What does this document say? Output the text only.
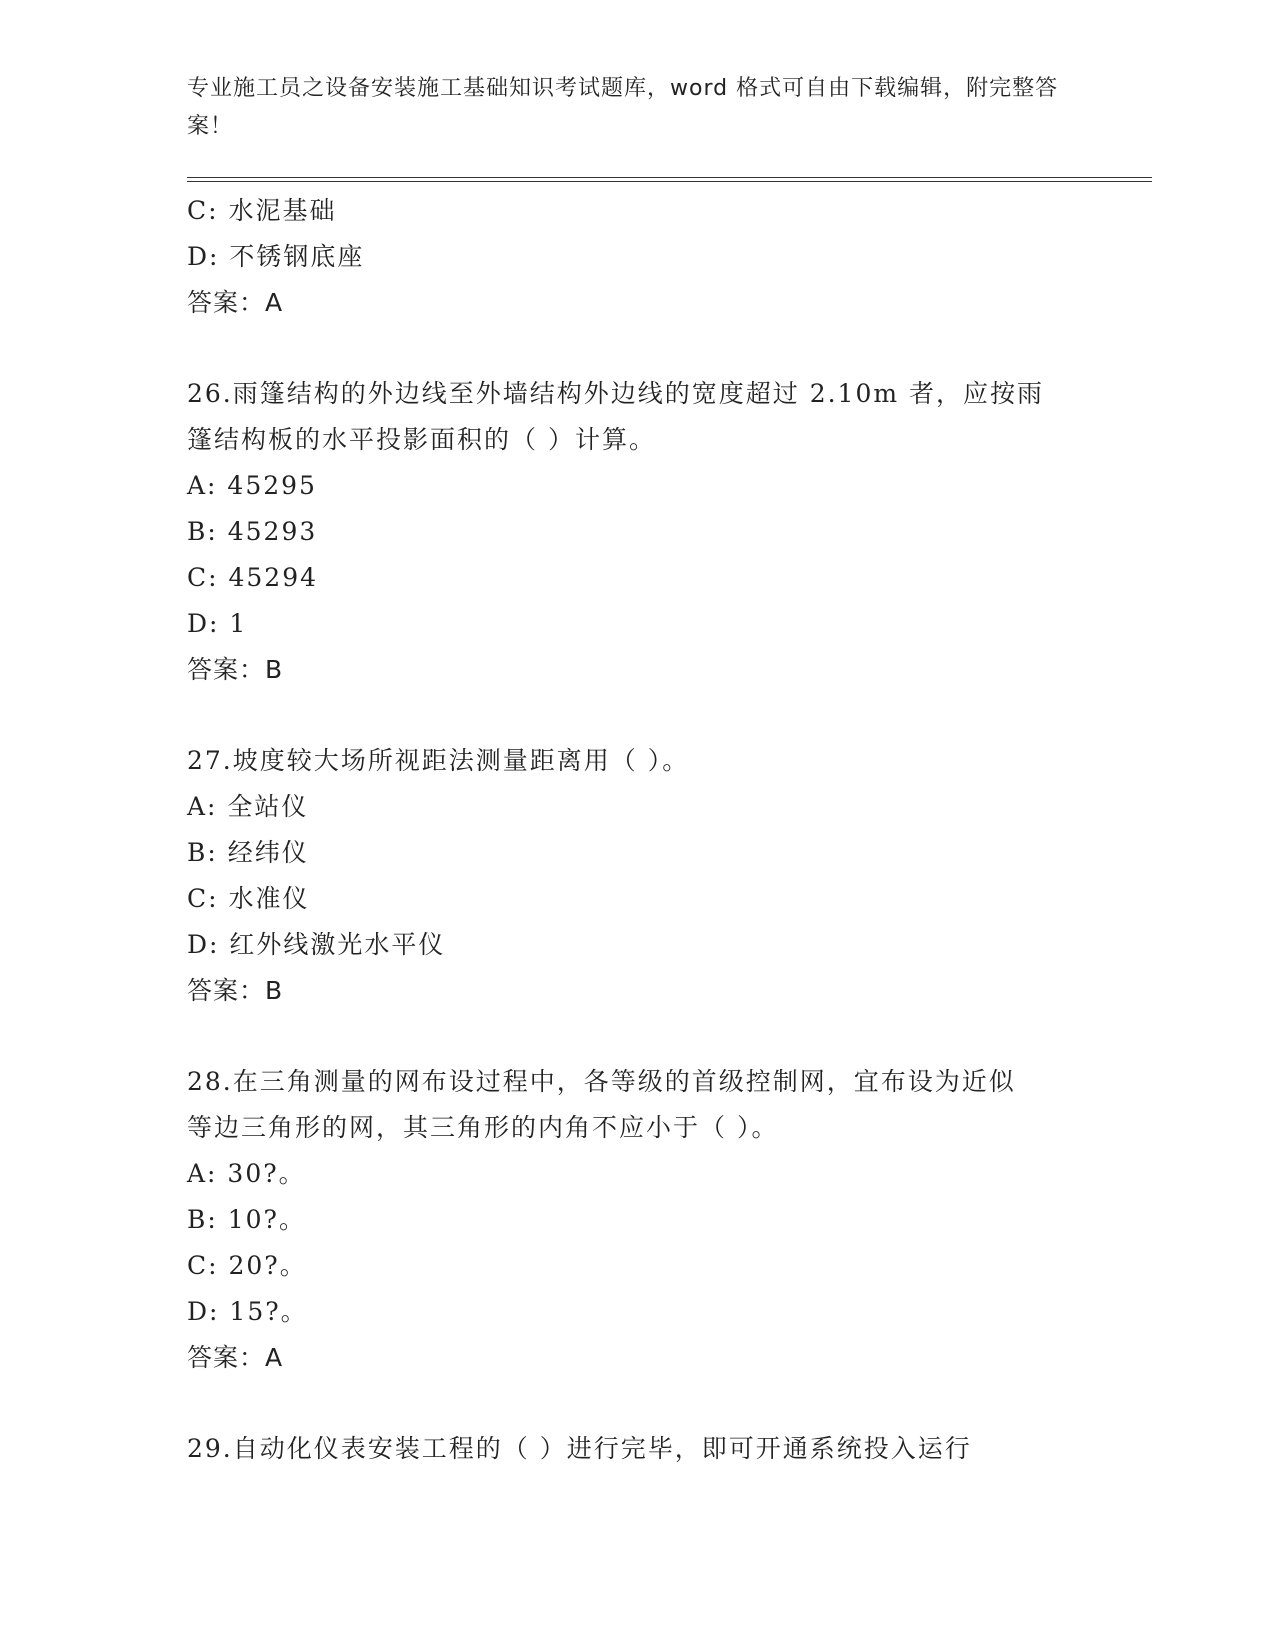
专业施工员之设备安装施工基础知识考试题库，word 格式可自由下载编辑，附完整答案！
C: 水泥基础
D: 不锈钢底座
答案：A
26.雨篷结构的外边线至外墙结构外边线的宽度超过 2.10m 者，应按雨
篷结构板的水平投影面积的（ ）计算。
A: 45295
B: 45293
C: 45294
D: 1
答案：B
27.坡度较大场所视距法测量距离用（ ）。
A: 全站仪
B: 经纬仪
C: 水准仪
D: 红外线激光水平仪
答案：B
28.在三角测量的网布设过程中，各等级的首级控制网，宜布设为近似
等边三角形的网，其三角形的内角不应小于（ ）。
A: 30?。
B: 10?。
C: 20?。
D: 15?。
答案：A
29.自动化仪表安装工程的（ ）进行完毕，即可开通系统投入运行
